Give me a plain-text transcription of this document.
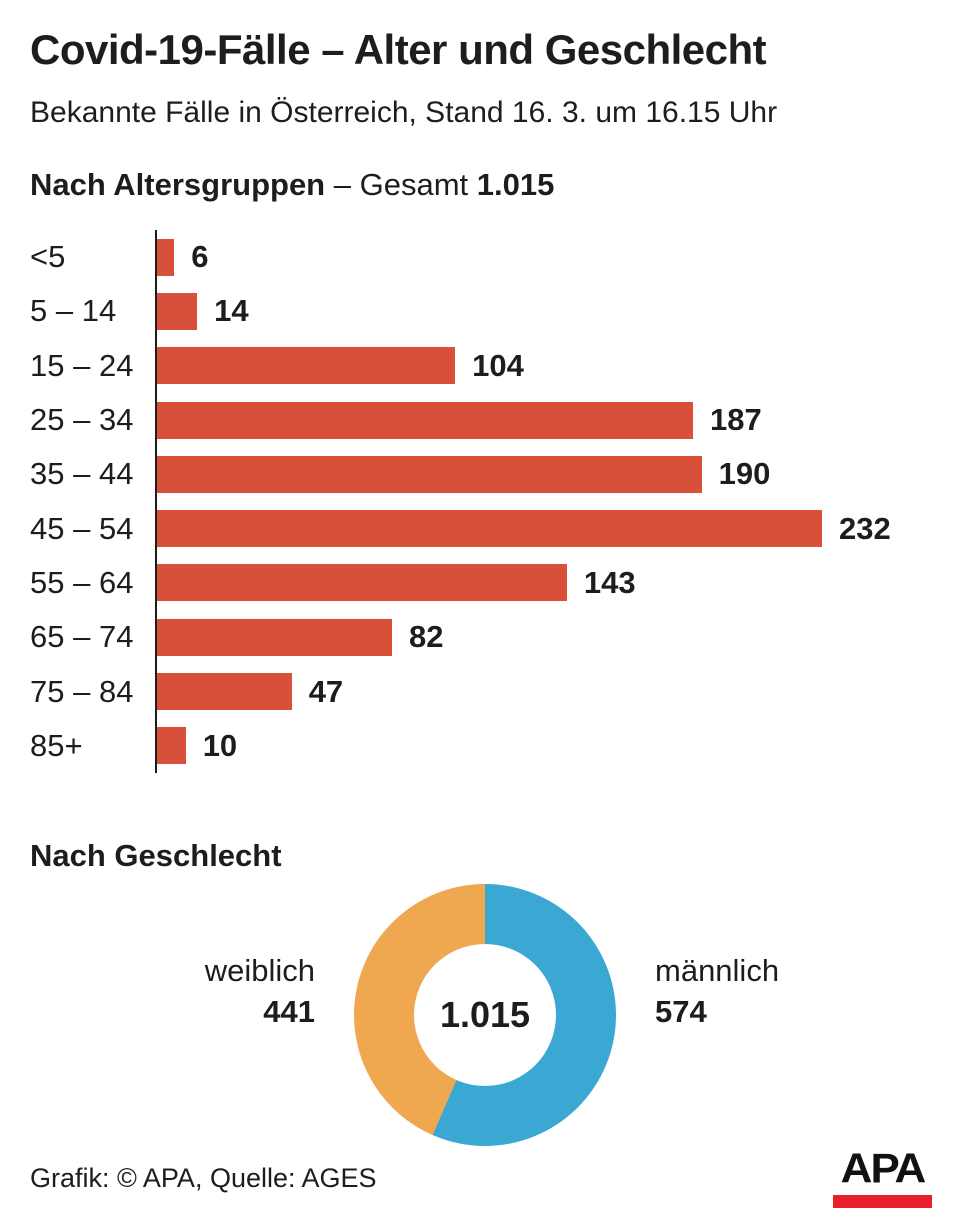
Covid-19-Fälle – Alter und Geschlecht
Bekannte Fälle in Österreich, Stand 16. 3. um 16.15 Uhr
Nach Altersgruppen – Gesamt 1.015
<5	6
5 – 14	14
15 – 24	104
25 – 34	187
35 – 44	190
45 – 54	232
55 – 64	143
65 – 74	82
75 – 84	47
85+	10
Nach Geschlecht
weiblich
441	1.015
männlich
574
Grafik: © APA, Quelle: AGES	APA
